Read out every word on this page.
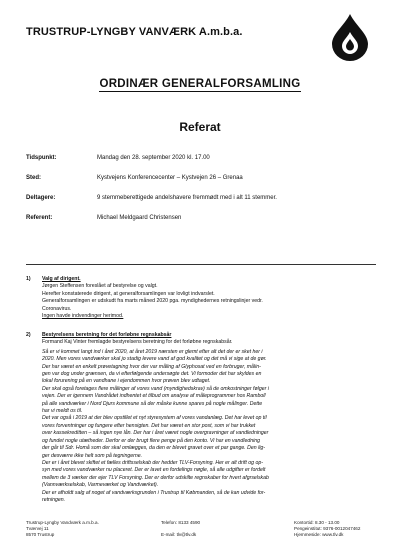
TRUSTRUP-LYNGBY VANVÆRK A.m.b.a.
ORDINÆR GENERALFORSAMLING
Referat
Tidspunkt:	Mandag den 28. september 2020 kl. 17.00
Sted:	Kystvejens Konferencecenter – Kystvejen 26 – Grenaa
Deltagere:	9 stemmeberettigede andelshavere fremmødt med i alt 11 stemmer.
Referent:	Michael Meldgaard Christensen
1) Valg af dirigent.

Jørgen Steffensen foreslået af bestyrelse og valgt.

Herefter konstaterede dirigent, at generalforsamlingen var lovligt indvarslet.

Generalforsamlingen er udskudt fra marts måned 2020 pga. myndighedernes retningslinjer vedr.

Coronavirus.

Ingen havde indvendinger herimod.

2) Bestyrelsens beretning for det forløbne regnskabsår

Formand Kaj Vinter fremlagde bestyrelsens beretning for det forløbne regnskabsår.

Så er vi kommet langt ind i året 2020, at året 2019 nærsten er glemt efter alt det der er sket her i

2020. Men vores vandværker skal jo stadig levere vand af god kvalitet og det må vi sige at de gør.

Der har været en enkelt prøvetagning hvor der var måling af Glyphosat ved en forbruger, målin-

gen var dog under grænsen, da vi efterfølgende undersøgte det. Vi formoder det har skyldes en

lokal forurening på en vandhane i ejendommen hvor prøven blev udtaget.

Der skal også foretages flere målinger af vores vand (myndighedskrav) så de omkostninger følger i

vejen. Der er igennem Vandrådet indhentet et tilbud om analyse af måleprogrammer hos Ramboll

på alle vandværker i Nord Djurs kommune så der måske kunne spares på nogle målinger. Dette

har vi meldt os til.

Det var også i 2019 at der blev opstillet et nyt styresystem af vores vandanlæg. Det har levet op til

vores forventninger og fungere efter hensigten. Det har været en stor post, som vi har trukket

over kassekreditten – så ingen nye lån. Der har i året været nogle overgravninger af vandledninger

og fundet nogle utætheder. Derfor er der brugt flere penge på den konto. Vi har en vandledning

der går til Sdr. Homå som der skal omlægges, da den er blevet gravet over et par gange. Den lig-

ger desværre ikke helt som på tegningerne.

Der er i året blevet skiftet et fælles driftsselskab der hedder TLV-Forsyning. Her er alt drift og op-

syn med vores vandværker nu placeret. Der er lavet en fordelings nøgle, så alle udgifter er fordelt

mellem de 3 værker der ejer TLV Forsyning. Der er derfor udskilte regnskaber for hvert afgrselskab

(Vannværkselskab, Varmeværket og Vandværket).

Der er afholdt salg af noget af vandværksgrunden i Trustrup til Købmanden, så de kan udvide for-

retningen.

Trustrup-Lyngby Vandværk a.m.b.a.
Tværvej 11
8570 Trustrup
Telefon: 8133 4590
E-mail: tlv@tlv.dk
Kontortid: 8.30 - 13.00
Pengeinstitut: 9376-0012047462
Hjemmeside: www.tlv.dk
